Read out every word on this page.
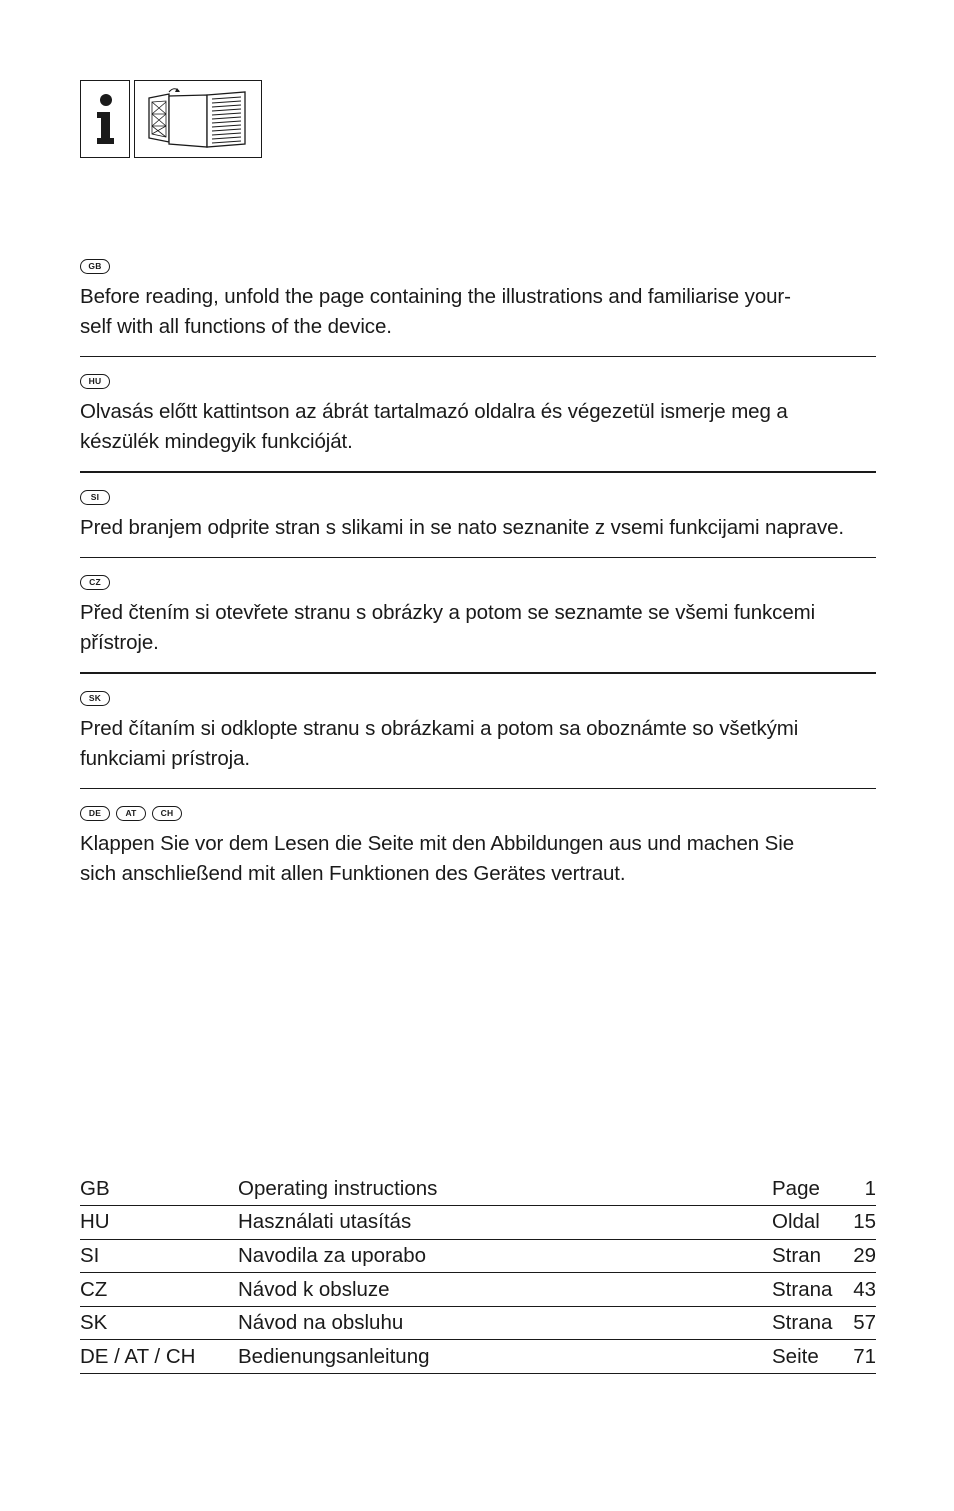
GB

Before reading, unfold the page containing the illustrations and familiarise your-
self with all functions of the device.

HU

Olvasás előtt kattintson az ábrát tartalmazó oldalra és végezetül ismerje meg a
készülék mindegyik funkcióját.

SI

Pred branjem odprite stran s slikami in se nato seznanite z vsemi funkcijami naprave.

CZ

Před čtením si otevřete stranu s obrázky a potom se seznamte se všemi funkcemi
přístroje.

SK

Pred čítaním si odklopte stranu s obrázkami a potom sa oboznámte so všetkými
funkciami prístroja.

DE	AT	CH

Klappen Sie vor dem Lesen die Seite mit den Abbildungen aus und machen Sie
sich anschließend mit allen Funktionen des Gerätes vertraut.

GB	Operating instructions	Page	1
HU	Használati utasítás	Oldal	15
SI	Navodila za uporabo	Stran	29
CZ	Návod k obsluze	Strana	43
SK	Návod na obsluhu	Strana	57
DE / AT / CH	Bedienungsanleitung	Seite	71
